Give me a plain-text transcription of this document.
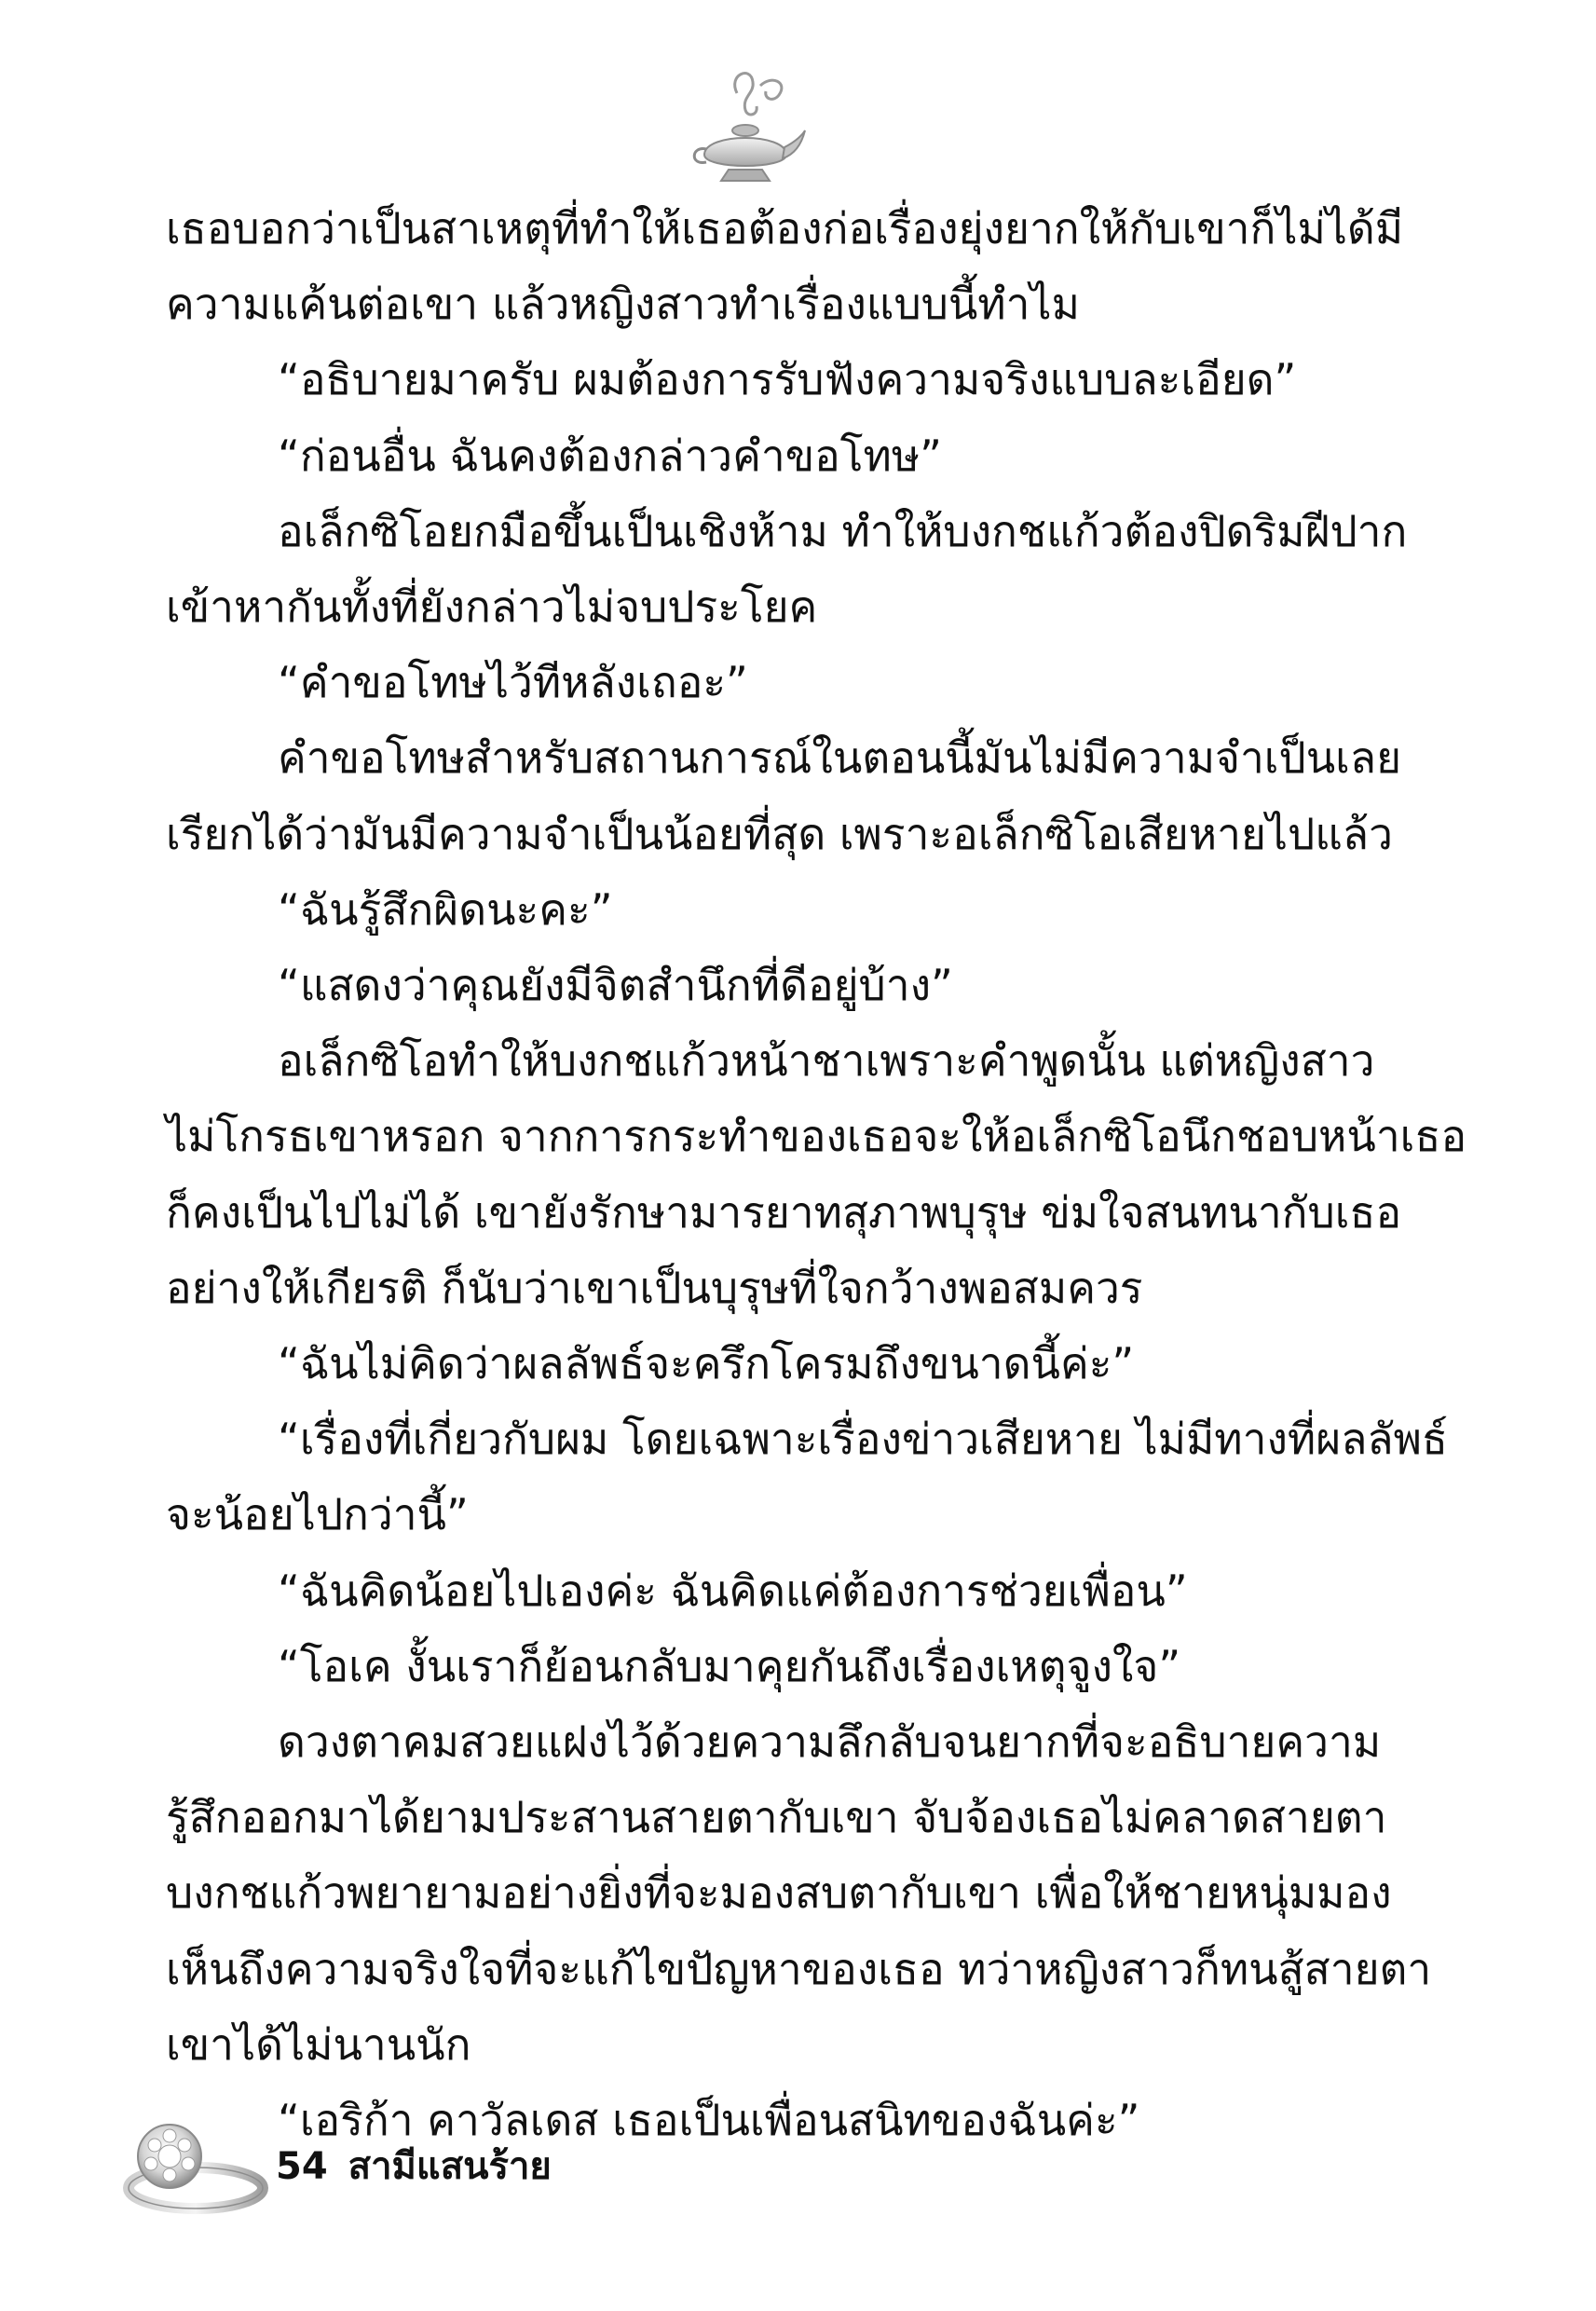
เธอบอกว่าเป็นสาเหตุที่ทำให้เธอต้องก่อเรื่องยุ่งยากให้กับเขาก็ไม่ได้มี
ความแค้นต่อเขา แล้วหญิงสาวทำเรื่องแบบนี้ทำไม
“อธิบายมาครับ ผมต้องการรับฟังความจริงแบบละเอียด”
“ก่อนอื่น ฉันคงต้องกล่าวคำขอโทษ”
อเล็กซิโอยกมือขึ้นเป็นเชิงห้าม ทำให้บงกชแก้วต้องปิดริมฝีปาก
เข้าหากันทั้งที่ยังกล่าวไม่จบประโยค
“คำขอโทษไว้ทีหลังเถอะ”
คำขอโทษสำหรับสถานการณ์ในตอนนี้มันไม่มีความจำเป็นเลย
เรียกได้ว่ามันมีความจำเป็นน้อยที่สุด เพราะอเล็กซิโอเสียหายไปแล้ว
“ฉันรู้สึกผิดนะคะ”
“แสดงว่าคุณยังมีจิตสำนึกที่ดีอยู่บ้าง”
อเล็กซิโอทำให้บงกชแก้วหน้าชาเพราะคำพูดนั้น แต่หญิงสาว
ไม่โกรธเขาหรอก จากการกระทำของเธอจะให้อเล็กซิโอนึกชอบหน้าเธอ
ก็คงเป็นไปไม่ได้ เขายังรักษามารยาทสุภาพบุรุษ ข่มใจสนทนากับเธอ
อย่างให้เกียรติ ก็นับว่าเขาเป็นบุรุษที่ใจกว้างพอสมควร
“ฉันไม่คิดว่าผลลัพธ์จะครึกโครมถึงขนาดนี้ค่ะ”
“เรื่องที่เกี่ยวกับผม โดยเฉพาะเรื่องข่าวเสียหาย ไม่มีทางที่ผลลัพธ์
จะน้อยไปกว่านี้”
“ฉันคิดน้อยไปเองค่ะ ฉันคิดแค่ต้องการช่วยเพื่อน”
“โอเค งั้นเราก็ย้อนกลับมาคุยกันถึงเรื่องเหตุจูงใจ”
ดวงตาคมสวยแฝงไว้ด้วยความลึกลับจนยากที่จะอธิบายความ
รู้สึกออกมาได้ยามประสานสายตากับเขา จับจ้องเธอไม่คลาดสายตา
บงกชแก้วพยายามอย่างยิ่งที่จะมองสบตากับเขา เพื่อให้ชายหนุ่มมอง
เห็นถึงความจริงใจที่จะแก้ไขปัญหาของเธอ ทว่าหญิงสาวก็ทนสู้สายตา
เขาได้ไม่นานนัก
“เอริก้า คาวัลเดส เธอเป็นเพื่อนสนิทของฉันค่ะ”
54 สามีแสนร้าย
